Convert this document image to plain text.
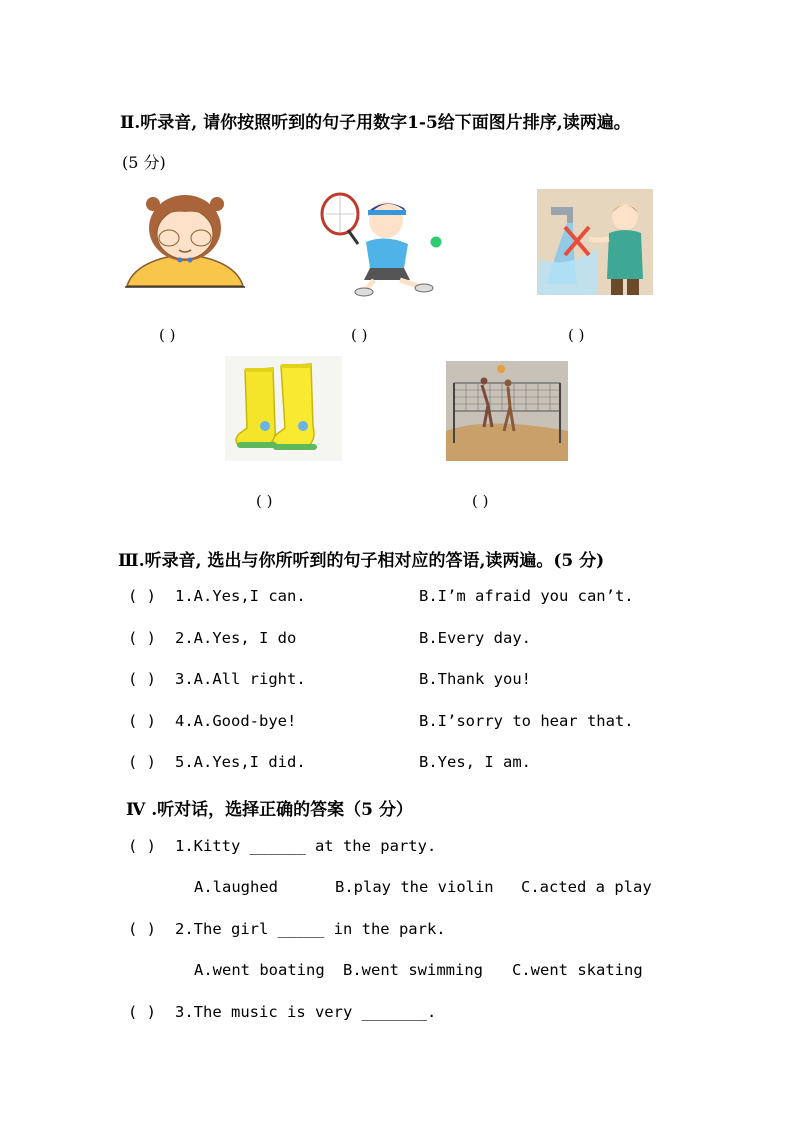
Ⅱ.听录音, 请你按照听到的句子用数字1-5给下面图片排序,读两遍。
(5 分)
( )	( )	( )
( )	( )
Ⅲ.听录音, 选出与你所听到的句子相对应的答语,读两遍。(5 分)
( ) 1.A.Yes,I can.	B.I’m afraid you can’t.
( ) 2.A.Yes, I do	B.Every day.
( ) 3.A.All right.	B.Thank you!
( ) 4.A.Good-bye!	B.I’sorry to hear that.
( ) 5.A.Yes,I did.	B.Yes, I am.
Ⅳ .听对话，选择正确的答案（5 分）
( ) 1.Kitty ______ at the party.
A.laughed	B.play the violin C.acted a play
( ) 2.The girl _____ in the park.
A.went boating B.went swimming C.went skating
( ) 3.The music is very _______.
